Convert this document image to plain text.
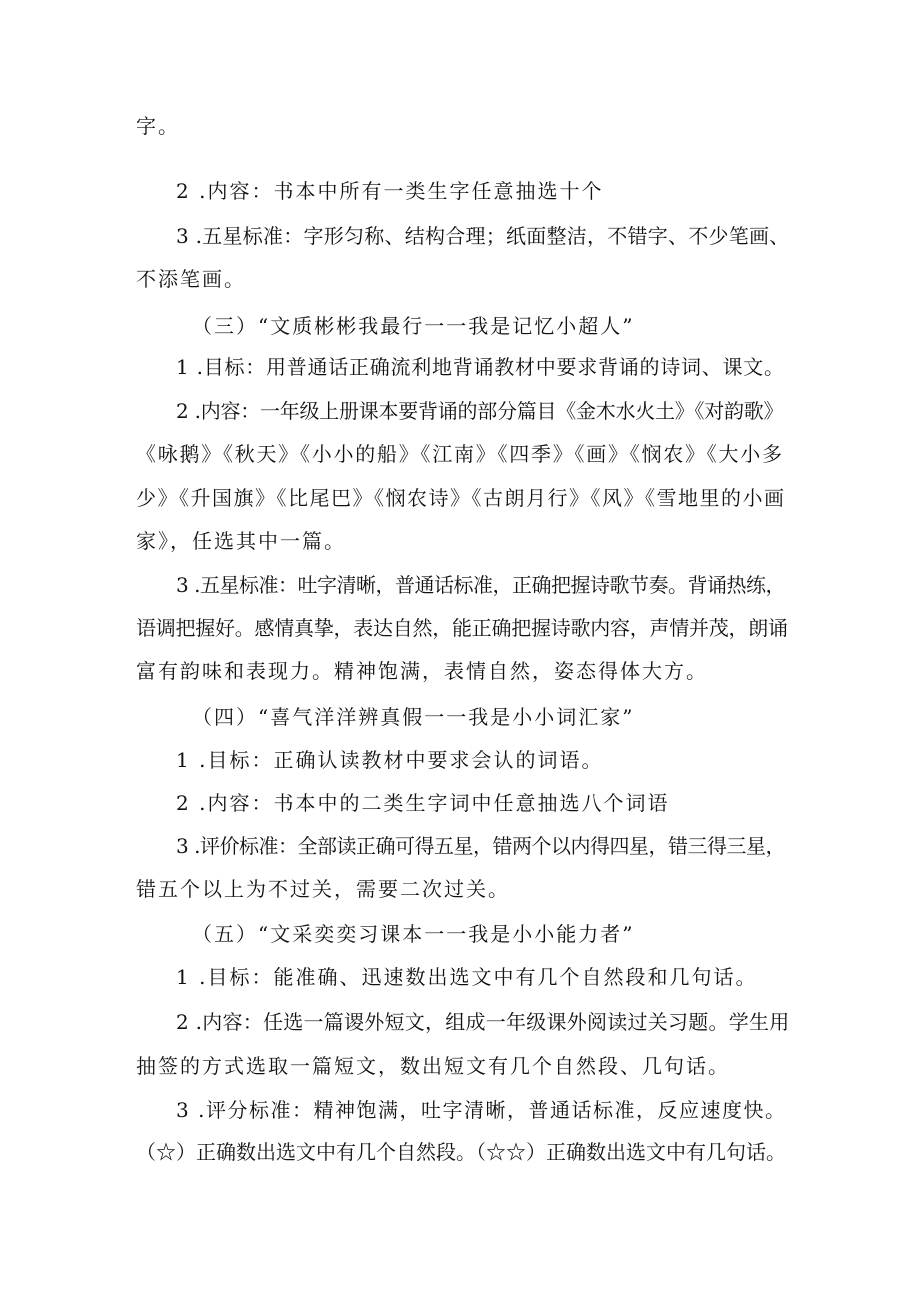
字。
2 .内容：书本中所有一类生字任意抽选十个
3 .五星标准：字形匀称、结构合理；纸面整洁，不错字、不少笔画、
不添笔画。
（三）“文质彬彬我最行一一我是记忆小超人”
1 .目标：用普通话正确流利地背诵教材中要求背诵的诗词、课文。
2 .内容：一年级上册课本要背诵的部分篇目《金木水火土》《对韵歌》
《咏鹅》《秋天》《小小的船》《江南》《四季》《画》《悯农》《大小多
少》《升国旗》《比尾巴》《悯农诗》《古朗月行》《风》《雪地里的小画
家》，任选其中一篇。
3 .五星标准：吐字清晰，普通话标准，正确把握诗歌节奏。背诵热练，
语调把握好。感情真挚，表达自然，能正确把握诗歌内容，声情并茂，朗诵
富有韵味和表现力。精神饱满，表情自然，姿态得体大方。
（四）“喜气洋洋辨真假一一我是小小词汇家”
1 .目标：正确认读教材中要求会认的词语。
2 .内容：书本中的二类生字词中任意抽选八个词语
3 .评价标准：全部读正确可得五星，错两个以内得四星，错三得三星，
错五个以上为不过关，需要二次过关。
（五）“文采奕奕习课本一一我是小小能力者”
1 .目标：能准确、迅速数出选文中有几个自然段和几句话。
2 .内容：任选一篇谡外短文，组成一年级课外阅读过关习题。学生用
抽签的方式选取一篇短文，数出短文有几个自然段、几句话。
3 .评分标准：精神饱满，吐字清晰，普通话标准，反应速度快。
（☆）正确数出选文中有几个自然段。（☆☆）正确数出选文中有几句话。
